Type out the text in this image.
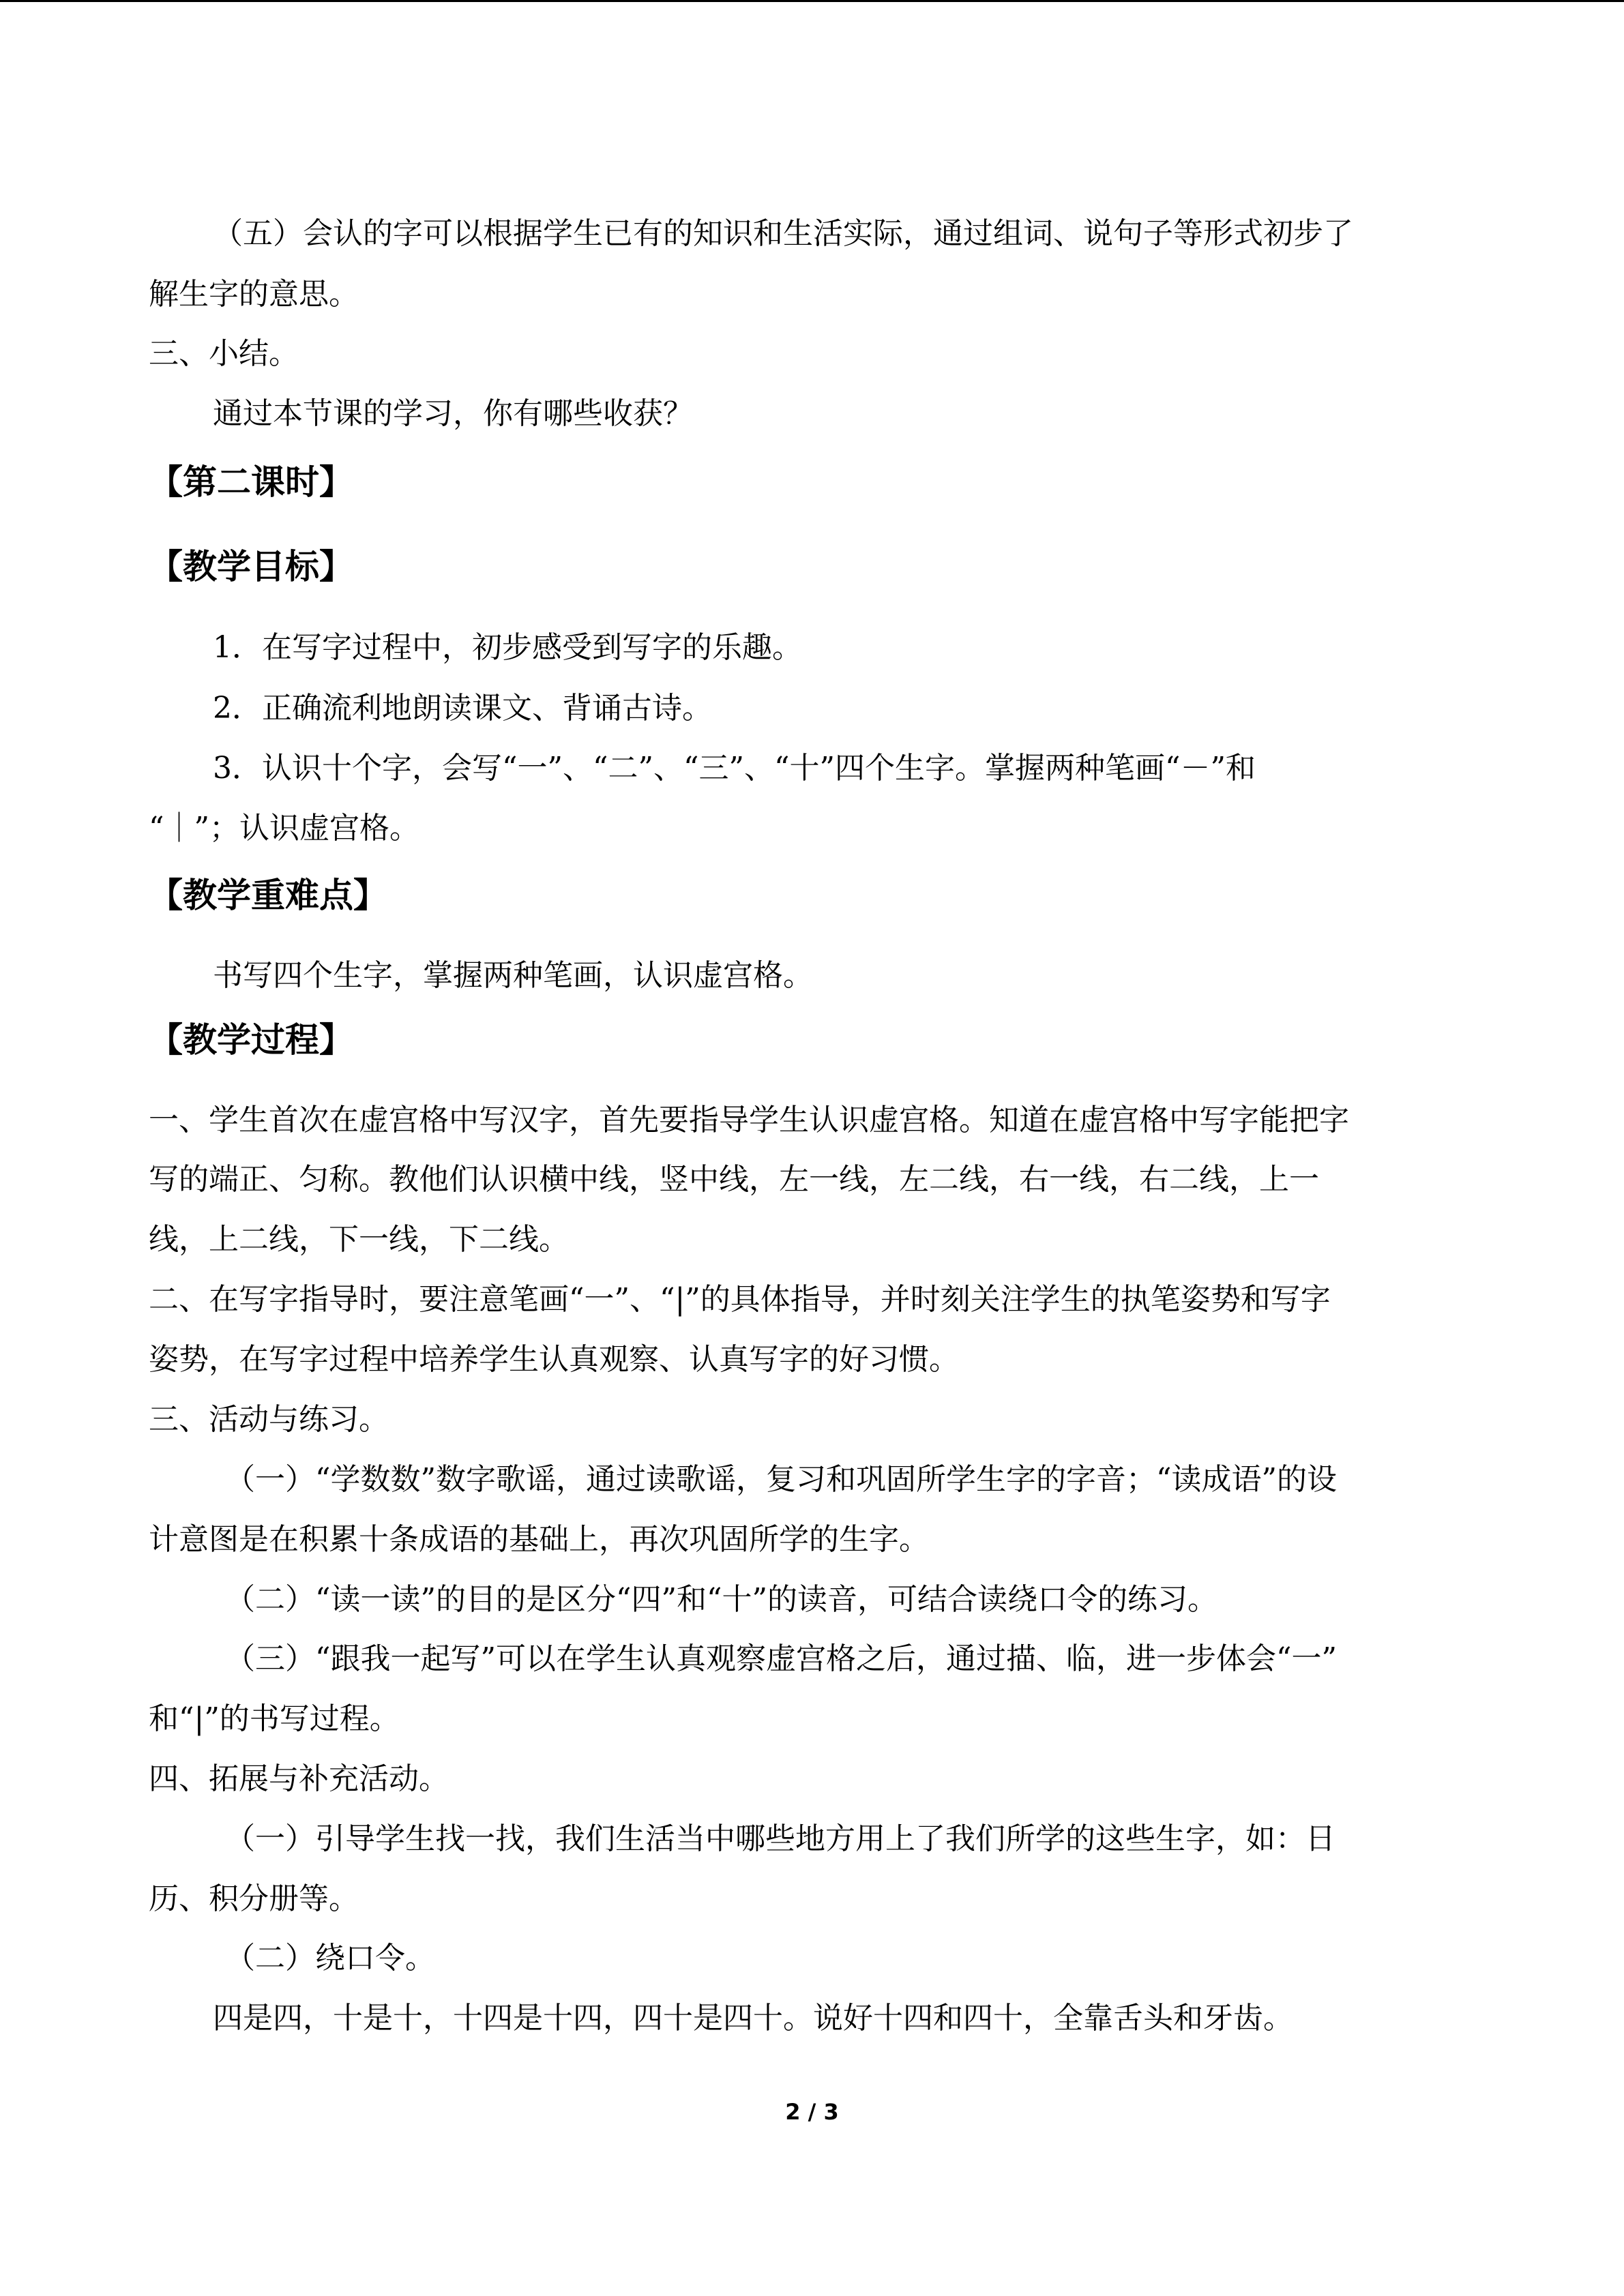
（五）会认的字可以根据学生已有的知识和生活实际，通过组词、说句子等形式初步了
解生字的意思。
三、小结。
通过本节课的学习，你有哪些收获？
【第二课时】
【教学目标】
1．在写字过程中，初步感受到写字的乐趣。
2．正确流利地朗读课文、背诵古诗。
3．认识十个字，会写“一”、“二”、“三”、“十”四个生字。掌握两种笔画“－”和
“｜”；认识虚宫格。
【教学重难点】
书写四个生字，掌握两种笔画，认识虚宫格。
【教学过程】
一、学生首次在虚宫格中写汉字，首先要指导学生认识虚宫格。知道在虚宫格中写字能把字
写的端正、匀称。教他们认识横中线，竖中线，左一线，左二线，右一线，右二线，上一
线，上二线，下一线，下二线。
二、在写字指导时，要注意笔画“一”、“|”的具体指导，并时刻关注学生的执笔姿势和写字
姿势，在写字过程中培养学生认真观察、认真写字的好习惯。
三、活动与练习。
（一）“学数数”数字歌谣，通过读歌谣，复习和巩固所学生字的字音；“读成语”的设
计意图是在积累十条成语的基础上，再次巩固所学的生字。
（二）“读一读”的目的是区分“四”和“十”的读音，可结合读绕口令的练习。
（三）“跟我一起写”可以在学生认真观察虚宫格之后，通过描、临，进一步体会“一”
和“|”的书写过程。
四、拓展与补充活动。
（一）引导学生找一找，我们生活当中哪些地方用上了我们所学的这些生字，如：日
历、积分册等。
（二）绕口令。
四是四，十是十，十四是十四，四十是四十。说好十四和四十，全靠舌头和牙齿。
2 / 3
